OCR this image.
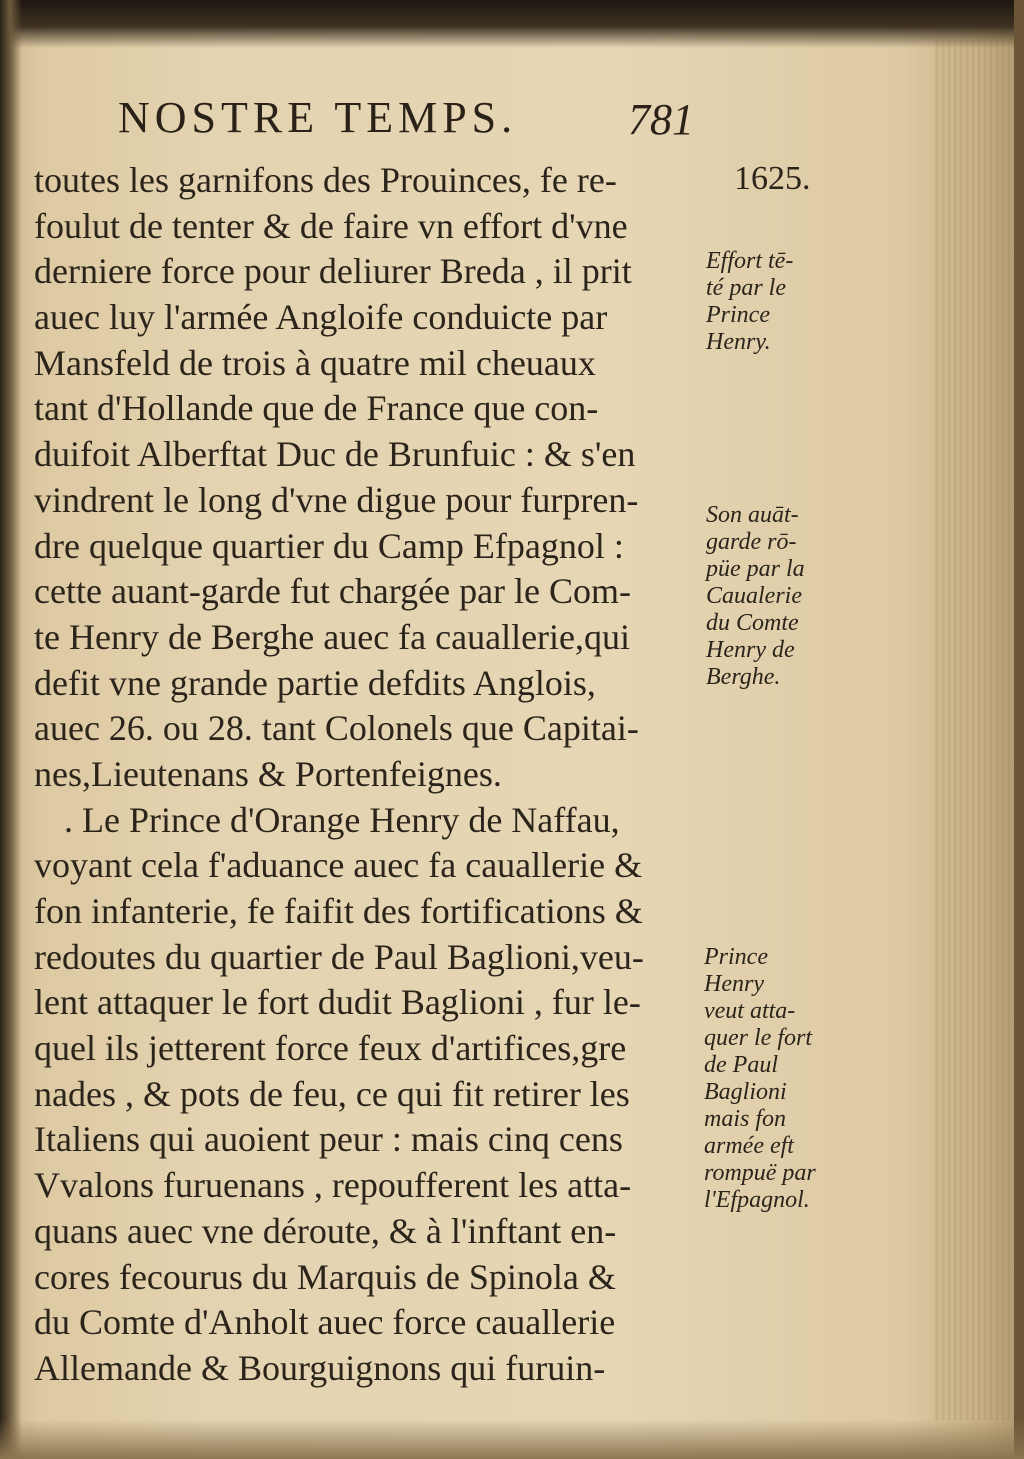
NOSTRE TEMPS.	781
toutes les garnifons des Prouinces, fe re-
foulut de tenter & de faire vn effort d'vne
derniere force pour deliurer Breda , il prit
auec luy l'armée Angloife conduicte par
Mansfeld de trois à quatre mil cheuaux
tant d'Hollande que de France que con-
duifoit Alberftat Duc de Brunfuic : & s'en
vindrent le long d'vne digue pour furpren-
dre quelque quartier du Camp Efpagnol :
cette auant-garde fut chargée par le Com-
te Henry de Berghe auec fa cauallerie,qui
defit vne grande partie defdits Anglois,
auec 26. ou 28. tant Colonels que Capitai-
nes,Lieutenans & Portenfeignes.
. Le Prince d'Orange Henry de Naffau,
voyant cela f'aduance auec fa cauallerie &
fon infanterie, fe faifit des fortifications &
redoutes du quartier de Paul Baglioni,veu-
lent attaquer le fort dudit Baglioni , fur le-
quel ils jetterent force feux d'artifices,gre
nades , & pots de feu, ce qui fit retirer les
Italiens qui auoient peur : mais cinq cens
Vvalons furuenans , repoufferent les atta-
quans auec vne déroute, & à l'inftant en-
cores fecourus du Marquis de Spinola &
du Comte d'Anholt auec force cauallerie
Allemande & Bourguignons qui furuin-
1625.
Effort tē-
té par le
Prince
Henry.
Son auāt-
garde rō-
püe par la
Caualerie
du Comte
Henry de
Berghe.
Prince
Henry
veut atta-
quer le fort
de Paul
Baglioni
mais fon
armée eft
rompuë par
l'Efpagnol.
